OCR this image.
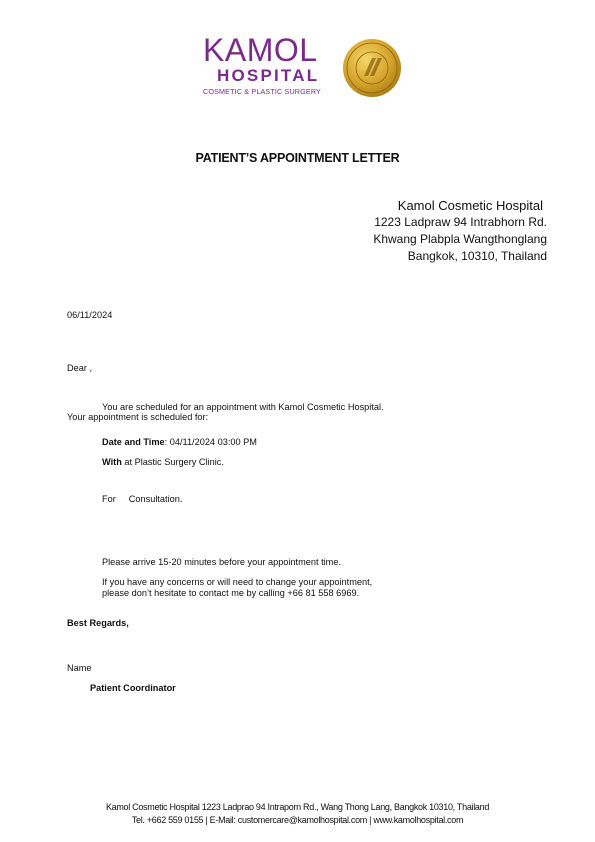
KAMOL
HOSPITAL
COSMETIC & PLASTIC SURGERY
PATIENT’S APPOINTMENT LETTER
Kamol Cosmetic Hospital
1223 Ladpraw 94 Intrabhorn Rd.
Khwang Plabpla Wangthonglang
Bangkok, 10310, Thailand
06/11/2024
Dear ,
You are scheduled for an appointment with Kamol Cosmetic Hospital.
Your appointment is scheduled for:
Date and Time: 04/11/2024 03:00 PM
With at Plastic Surgery Clinic.
For Consultation.
Please arrive 15-20 minutes before your appointment time.
If you have any concerns or will need to change your appointment,
please don’t hesitate to contact me by calling +66 81 558 6969.
Best Regards,
Name
Patient Coordinator
Kamol Cosmetic Hospital 1223 Ladprao 94 Intraporn Rd., Wang Thong Lang, Bangkok 10310, Thailand
Tel. +662 559 0155 | E-Mail: customercare@kamolhospital.com | www.kamolhospital.com
